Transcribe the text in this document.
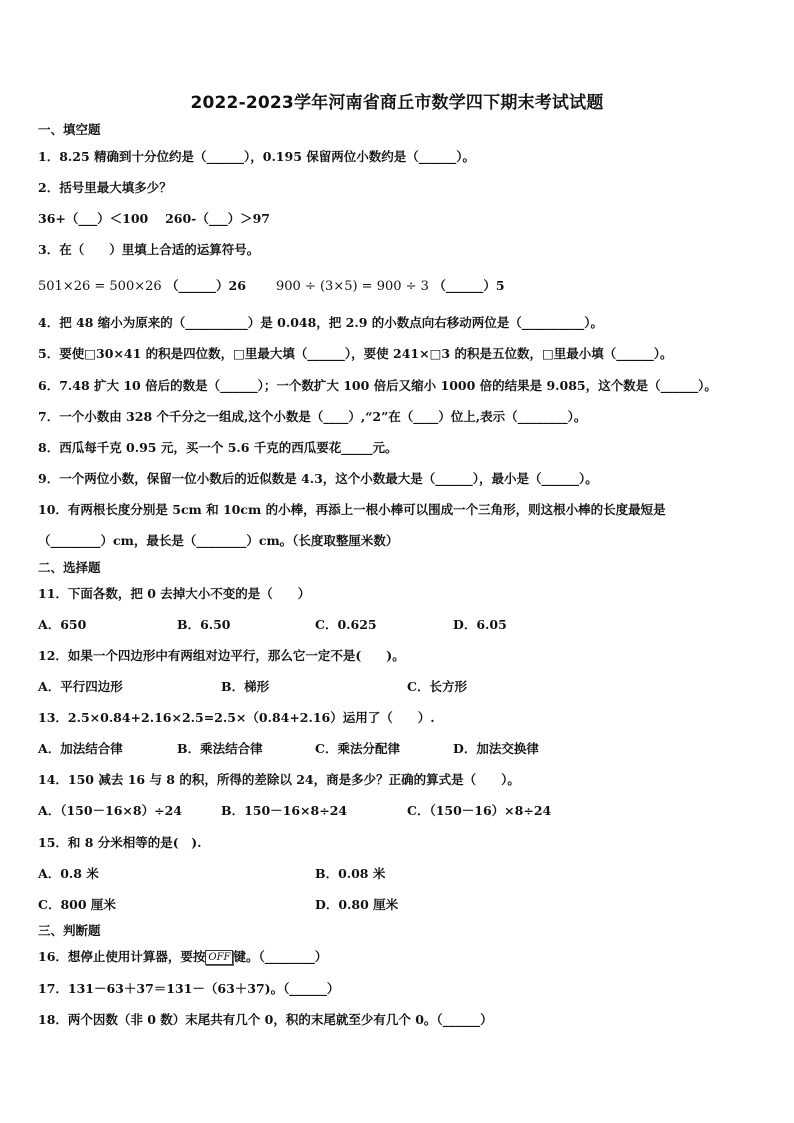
2022-2023学年河南省商丘市数学四下期末考试试题
一、填空题
1．8.25 精确到十分位约是（______），0.195 保留两位小数约是（______）。
2．括号里最大填多少？
36+（___）＜100　 260-（___）＞97
3．在（　　）里填上合适的运算符号。
501×26 = 500×26 （______）26 900 ÷ (3×5) = 900 ÷ 3 （______）5
4．把 48 缩小为原来的（__________）是 0.048，把 2.9 的小数点向右移动两位是（__________）。
5．要使□30×41 的积是四位数，□里最大填（______），要使 241×□3 的积是五位数，□里最小填（______）。
6．7.48 扩大 10 倍后的数是（______）；一个数扩大 100 倍后又缩小 1000 倍的结果是 9.085，这个数是（______）。
7．一个小数由 328 个千分之一组成,这个小数是（____）,“2”在（____）位上,表示（________）。
8．西瓜每千克 0.95 元，买一个 5.6 千克的西瓜要花_____元。
9．一个两位小数，保留一位小数后的近似数是 4.3，这个小数最大是（______），最小是（______）。
10．有两根长度分别是 5cm 和 10cm 的小棒，再添上一根小棒可以围成一个三角形，则这根小棒的长度最短是
（________）cm，最长是（________）cm。（长度取整厘米数）
二、选择题
11．下面各数，把 0 去掉大小不变的是（　　）
A．650	B．6.50	C．0.625	D．6.05
12．如果一个四边形中有两组对边平行，那么它一定不是(　　)。
A．平行四边形	B．梯形	C．长方形
13．2.5×0.84+2.16×2.5=2.5×（0.84+2.16）运用了（　　）.
A．加法结合律	B．乘法结合律	C．乘法分配律	D．加法交换律
14．150 减去 16 与 8 的积，所得的差除以 24，商是多少？正确的算式是（　　）。
A．（150－16×8）÷24	B．150－16×8÷24	C．（150－16）×8÷24
15．和 8 分米相等的是(　).
A．0.8 米	B．0.08 米
C．800 厘米	D．0.80 厘米
三、判断题
16．想停止使用计算器，要按 OFF 键。（________）
17．131－63＋37＝131－（63＋37)。（______）
18．两个因数（非 0 数）末尾共有几个 0，积的末尾就至少有几个 0。（______）
